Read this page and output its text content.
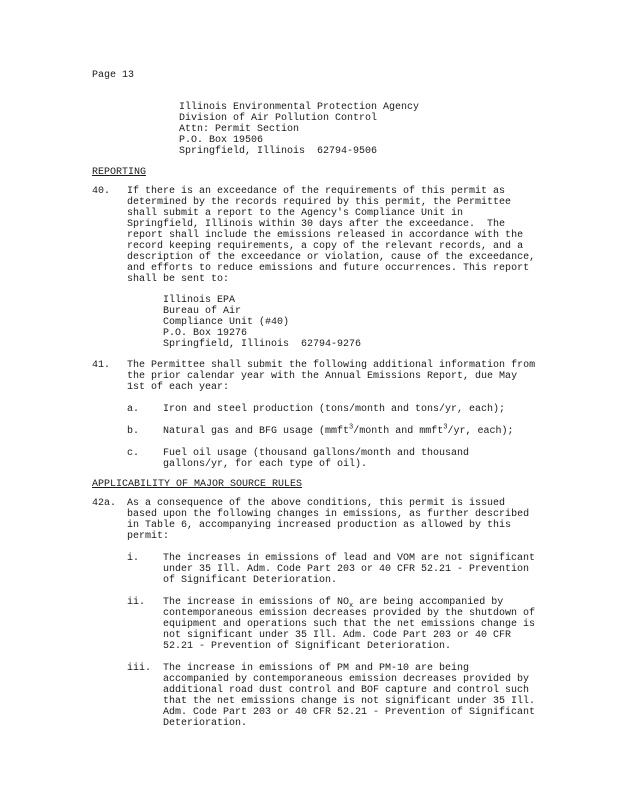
Page 13
Illinois Environmental Protection Agency
Division of Air Pollution Control
Attn: Permit Section
P.O. Box 19506
Springfield, Illinois  62794-9506
REPORTING
40. If there is an exceedance of the requirements of this permit as
determined by the records required by this permit, the Permittee
shall submit a report to the Agency's Compliance Unit in
Springfield, Illinois within 30 days after the exceedance.  The
report shall include the emissions released in accordance with the
record keeping requirements, a copy of the relevant records, and a
description of the exceedance or violation, cause of the exceedance,
and efforts to reduce emissions and future occurrences. This report
shall be sent to:
Illinois EPA
Bureau of Air
Compliance Unit (#40)
P.O. Box 19276
Springfield, Illinois  62794-9276
41. The Permittee shall submit the following additional information from
the prior calendar year with the Annual Emissions Report, due May
1st of each year:
a. Iron and steel production (tons/month and tons/yr, each);
b. Natural gas and BFG usage (mmft$^3$/month and mmft$^3$/yr, each);
c. Fuel oil usage (thousand gallons/month and thousand
gallons/yr, for each type of oil).
APPLICABILITY OF MAJOR SOURCE RULES
42a. As a consequence of the above conditions, this permit is issued
based upon the following changes in emissions, as further described
in Table 6, accompanying increased production as allowed by this
permit:
i. The increases in emissions of lead and VOM are not significant
under 35 Ill. Adm. Code Part 203 or 40 CFR 52.21 - Prevention
of Significant Deterioration.
ii. The increase in emissions of $NO_x$ are being accompanied by
contemporaneous emission decreases provided by the shutdown of
equipment and operations such that the net emissions change is
not significant under 35 Ill. Adm. Code Part 203 or 40 CFR
52.21 - Prevention of Significant Deterioration.
iii. The increase in emissions of PM and PM-10 are being
accompanied by contemporaneous emission decreases provided by
additional road dust control and BOF capture and control such
that the net emissions change is not significant under 35 Ill.
Adm. Code Part 203 or 40 CFR 52.21 - Prevention of Significant
Deterioration.
